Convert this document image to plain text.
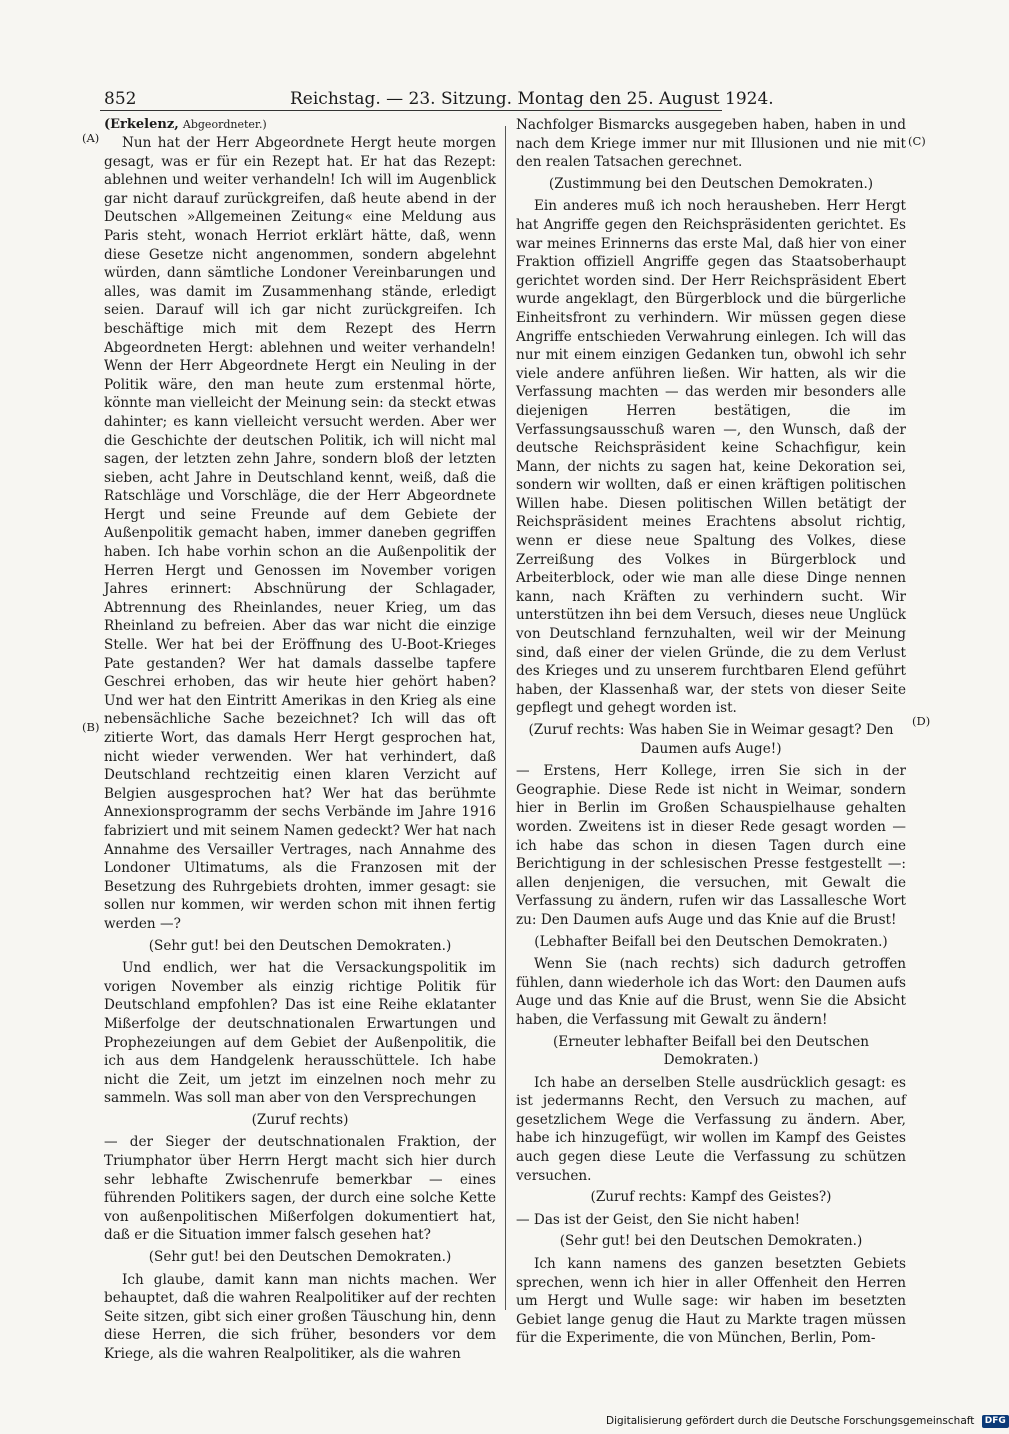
852	Reichstag. — 23. Sitzung. Montag den 25. August 1924.
(A)
(B)
(C)
(D)
(Erkelenz, Abgeordneter.)

Nun hat der Herr Abgeordnete Hergt heute morgen gesagt, was er für ein Rezept hat. Er hat das Rezept: ablehnen und weiter verhandeln! Ich will im Augenblick gar nicht darauf zurückgreifen, daß heute abend in der Deutschen »Allgemeinen Zeitung« eine Meldung aus Paris steht, wonach Herriot erklärt hätte, daß, wenn diese Gesetze nicht angenommen, sondern abgelehnt würden, dann sämtliche Londoner Vereinbarungen und alles, was damit im Zusammenhang stände, erledigt seien. Darauf will ich gar nicht zurückgreifen. Ich beschäftige mich mit dem Rezept des Herrn Abgeordneten Hergt: ablehnen und weiter verhandeln! Wenn der Herr Abgeordnete Hergt ein Neuling in der Politik wäre, den man heute zum erstenmal hörte, könnte man vielleicht der Meinung sein: da steckt etwas dahinter; es kann vielleicht versucht werden. Aber wer die Geschichte der deutschen Politik, ich will nicht mal sagen, der letzten zehn Jahre, sondern bloß der letzten sieben, acht Jahre in Deutschland kennt, weiß, daß die Ratschläge und Vorschläge, die der Herr Abgeordnete Hergt und seine Freunde auf dem Gebiete der Außenpolitik gemacht haben, immer daneben gegriffen haben. Ich habe vorhin schon an die Außenpolitik der Herren Hergt und Genossen im November vorigen Jahres erinnert: Abschnürung der Schlagader, Abtrennung des Rheinlandes, neuer Krieg, um das Rheinland zu befreien. Aber das war nicht die einzige Stelle. Wer hat bei der Eröffnung des U-Boot-Krieges Pate gestanden? Wer hat damals dasselbe tapfere Geschrei erhoben, das wir heute hier gehört haben? Und wer hat den Eintritt Amerikas in den Krieg als eine nebensächliche Sache bezeichnet? Ich will das oft zitierte Wort, das damals Herr Hergt gesprochen hat, nicht wieder verwenden. Wer hat verhindert, daß Deutschland rechtzeitig einen klaren Verzicht auf Belgien ausgesprochen hat? Wer hat das berühmte Annexionsprogramm der sechs Verbände im Jahre 1916 fabriziert und mit seinem Namen gedeckt? Wer hat nach Annahme des Versailler Vertrages, nach Annahme des Londoner Ultimatums, als die Franzosen mit der Besetzung des Ruhrgebiets drohten, immer gesagt: sie sollen nur kommen, wir werden schon mit ihnen fertig werden —?

(Sehr gut! bei den Deutschen Demokraten.)

Und endlich, wer hat die Versackungspolitik im vorigen November als einzig richtige Politik für Deutschland empfohlen? Das ist eine Reihe eklatanter Mißerfolge der deutschnationalen Erwartungen und Prophezeiungen auf dem Gebiet der Außenpolitik, die ich aus dem Handgelenk herausschüttele. Ich habe nicht die Zeit, um jetzt im einzelnen noch mehr zu sammeln. Was soll man aber von den Versprechungen

(Zuruf rechts)

— der Sieger der deutschnationalen Fraktion, der Triumphator über Herrn Hergt macht sich hier durch sehr lebhafte Zwischenrufe bemerkbar — eines führenden Politikers sagen, der durch eine solche Kette von außenpolitischen Mißerfolgen dokumentiert hat, daß er die Situation immer falsch gesehen hat?

(Sehr gut! bei den Deutschen Demokraten.)

Ich glaube, damit kann man nichts machen. Wer behauptet, daß die wahren Realpolitiker auf der rechten Seite sitzen, gibt sich einer großen Täuschung hin, denn diese Herren, die sich früher, besonders vor dem Kriege, als die wahren Realpolitiker, als die wahren

Nachfolger Bismarcks ausgegeben haben, haben in und nach dem Kriege immer nur mit Illusionen und nie mit den realen Tatsachen gerechnet.

(Zustimmung bei den Deutschen Demokraten.)

Ein anderes muß ich noch herausheben. Herr Hergt hat Angriffe gegen den Reichspräsidenten gerichtet. Es war meines Erinnerns das erste Mal, daß hier von einer Fraktion offiziell Angriffe gegen das Staatsoberhaupt gerichtet worden sind. Der Herr Reichspräsident Ebert wurde angeklagt, den Bürgerblock und die bürgerliche Einheitsfront zu verhindern. Wir müssen gegen diese Angriffe entschieden Verwahrung einlegen. Ich will das nur mit einem einzigen Gedanken tun, obwohl ich sehr viele andere anführen ließen. Wir hatten, als wir die Verfassung machten — das werden mir besonders alle diejenigen Herren bestätigen, die im Verfassungsausschuß waren —, den Wunsch, daß der deutsche Reichspräsident keine Schachfigur, kein Mann, der nichts zu sagen hat, keine Dekoration sei, sondern wir wollten, daß er einen kräftigen politischen Willen habe. Diesen politischen Willen betätigt der Reichspräsident meines Erachtens absolut richtig, wenn er diese neue Spaltung des Volkes, diese Zerreißung des Volkes in Bürgerblock und Arbeiterblock, oder wie man alle diese Dinge nennen kann, nach Kräften zu verhindern sucht. Wir unterstützen ihn bei dem Versuch, dieses neue Unglück von Deutschland fernzuhalten, weil wir der Meinung sind, daß einer der vielen Gründe, die zu dem Verlust des Krieges und zu unserem furchtbaren Elend geführt haben, der Klassenhaß war, der stets von dieser Seite gepflegt und gehegt worden ist.

(Zuruf rechts: Was haben Sie in Weimar gesagt? Den Daumen aufs Auge!)

— Erstens, Herr Kollege, irren Sie sich in der Geographie. Diese Rede ist nicht in Weimar, sondern hier in Berlin im Großen Schauspielhause gehalten worden. Zweitens ist in dieser Rede gesagt worden — ich habe das schon in diesen Tagen durch eine Berichtigung in der schlesischen Presse festgestellt —: allen denjenigen, die versuchen, mit Gewalt die Verfassung zu ändern, rufen wir das Lassallesche Wort zu: Den Daumen aufs Auge und das Knie auf die Brust!

(Lebhafter Beifall bei den Deutschen Demokraten.)

Wenn Sie (nach rechts) sich dadurch getroffen fühlen, dann wiederhole ich das Wort: den Daumen aufs Auge und das Knie auf die Brust, wenn Sie die Absicht haben, die Verfassung mit Gewalt zu ändern!

(Erneuter lebhafter Beifall bei den Deutschen Demokraten.)

Ich habe an derselben Stelle ausdrücklich gesagt: es ist jedermanns Recht, den Versuch zu machen, auf gesetzlichem Wege die Verfassung zu ändern. Aber, habe ich hinzugefügt, wir wollen im Kampf des Geistes auch gegen diese Leute die Verfassung zu schützen versuchen.

(Zuruf rechts: Kampf des Geistes?)

— Das ist der Geist, den Sie nicht haben!

(Sehr gut! bei den Deutschen Demokraten.)

Ich kann namens des ganzen besetzten Gebiets sprechen, wenn ich hier in aller Offenheit den Herren um Hergt und Wulle sage: wir haben im besetzten Gebiet lange genug die Haut zu Markte tragen müssen für die Experimente, die von München, Berlin, Pom-

Digitalisierung gefördert durch die Deutsche Forschungsgemeinschaft DFG
